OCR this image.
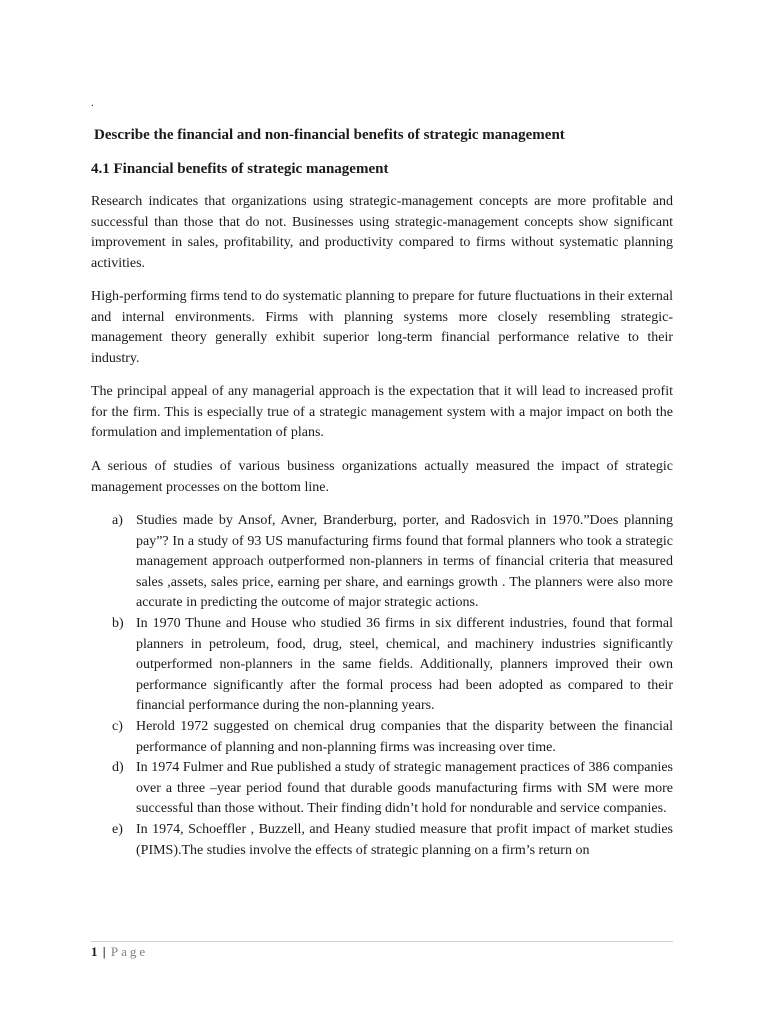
.
Describe the financial and non-financial benefits of strategic management
4.1 Financial benefits of strategic management

Research indicates that organizations using strategic-management concepts are more profitable and successful than those that do not. Businesses using strategic-management concepts show significant improvement in sales, profitability, and productivity compared to firms without systematic planning activities.

High-performing firms tend to do systematic planning to prepare for future fluctuations in their external and internal environments. Firms with planning systems more closely resembling strategic-management theory generally exhibit superior long-term financial performance relative to their industry.

The principal appeal of any managerial approach is the expectation that it will lead to increased profit for the firm. This is especially true of a strategic management system with a major impact on both the formulation and implementation of plans.

A serious of studies of various business organizations actually measured the impact of strategic management processes on the bottom line.

a) Studies made by Ansof, Avner, Branderburg, porter, and Radosvich in 1970.”Does planning pay”? In a study of 93 US manufacturing firms found that formal planners who took a strategic management approach outperformed non-planners in terms of financial criteria that measured sales ,assets, sales price, earning per share, and earnings growth . The planners were also more accurate in predicting the outcome of major strategic actions.
b) In 1970 Thune and House who studied 36 firms in six different industries, found that formal planners in petroleum, food, drug, steel, chemical, and machinery industries significantly outperformed non-planners in the same fields. Additionally, planners improved their own performance significantly after the formal process had been adopted as compared to their financial performance during the non-planning years.
c) Herold 1972 suggested on chemical drug companies that the disparity between the financial performance of planning and non-planning firms was increasing over time.
d) In 1974 Fulmer and Rue published a study of strategic management practices of 386 companies over a three –year period found that durable goods manufacturing firms with SM were more successful than those without. Their finding didn’t hold for nondurable and service companies.
e) In 1974, Schoeffler , Buzzell, and Heany studied measure that profit impact of market studies (PIMS).The studies involve the effects of strategic planning on a firm’s return on
1 | Page
